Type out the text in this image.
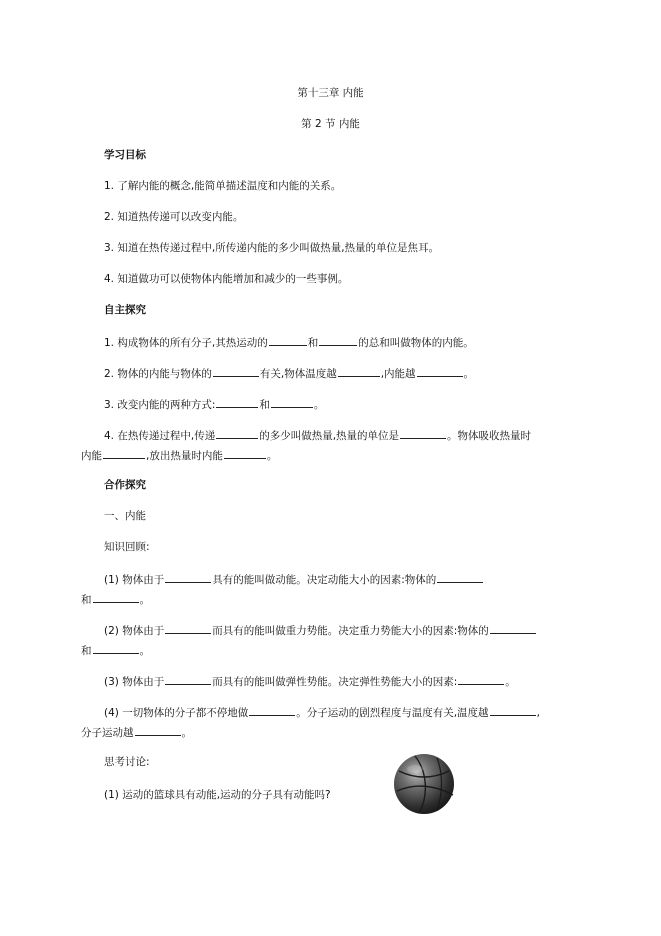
第十三章 内能
第 2 节 内能
学习目标
1. 了解内能的概念,能简单描述温度和内能的关系。
2. 知道热传递可以改变内能。
3. 知道在热传递过程中,所传递内能的多少叫做热量,热量的单位是焦耳。
4. 知道做功可以使物体内能增加和减少的一些事例。
自主探究
1. 构成物体的所有分子,其热运动的	和	的总和叫做物体的内能。
2. 物体的内能与物体的	有关,物体温度越	,内能越	。
3. 改变内能的两种方式:	和	。
4. 在热传递过程中,传递	的多少叫做热量,热量的单位是	。物体吸收热量时
内能	,放出热量时内能	。
合作探究
一、内能
知识回顾:
(1) 物体由于	具有的能叫做动能。决定动能大小的因素:物体的
和	。
(2) 物体由于	而具有的能叫做重力势能。决定重力势能大小的因素:物体的
和	。
(3) 物体由于	而具有的能叫做弹性势能。决定弹性势能大小的因素:	。
(4) 一切物体的分子都不停地做	。分子运动的剧烈程度与温度有关,温度越	,
分子运动越	。
思考讨论:
(1) 运动的篮球具有动能,运动的分子具有动能吗?
